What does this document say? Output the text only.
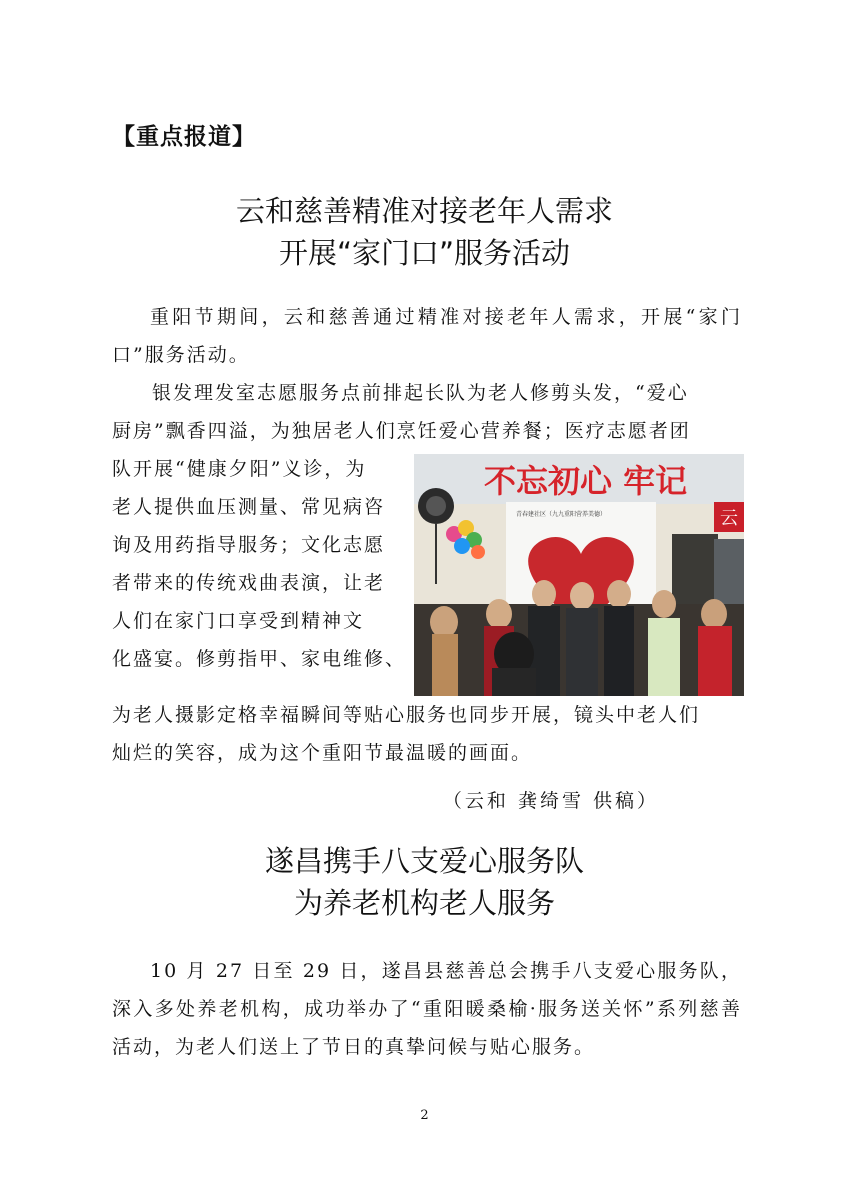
【重点报道】
云和慈善精准对接老年人需求
开展“家门口”服务活动
重阳节期间，云和慈善通过精准对接老年人需求，开展“家门口”服务活动。
银发理发室志愿服务点前排起长队为老人修剪头发，“爱心
厨房”飘香四溢，为独居老人们烹饪爱心营养餐；医疗志愿者团
队开展“健康夕阳”义诊，为
老人提供血压测量、常见病咨
询及用药指导服务；文化志愿
者带来的传统戏曲表演，让老
人们在家门口享受到精神文
化盛宴。修剪指甲、家电维修、
为老人摄影定格幸福瞬间等贴心服务也同步开展，镜头中老人们
灿烂的笑容，成为这个重阳节最温暖的画面。
不忘初心 牢记
云
青春建社区（九九重阳营养美德）
（云和 龚绮雪 供稿）
遂昌携手八支爱心服务队
为养老机构老人服务
10 月 27 日至 29 日，遂昌县慈善总会携手八支爱心服务队，深入多处养老机构，成功举办了“重阳暖桑榆·服务送关怀”系列慈善活动，为老人们送上了节日的真挚问候与贴心服务。
2
